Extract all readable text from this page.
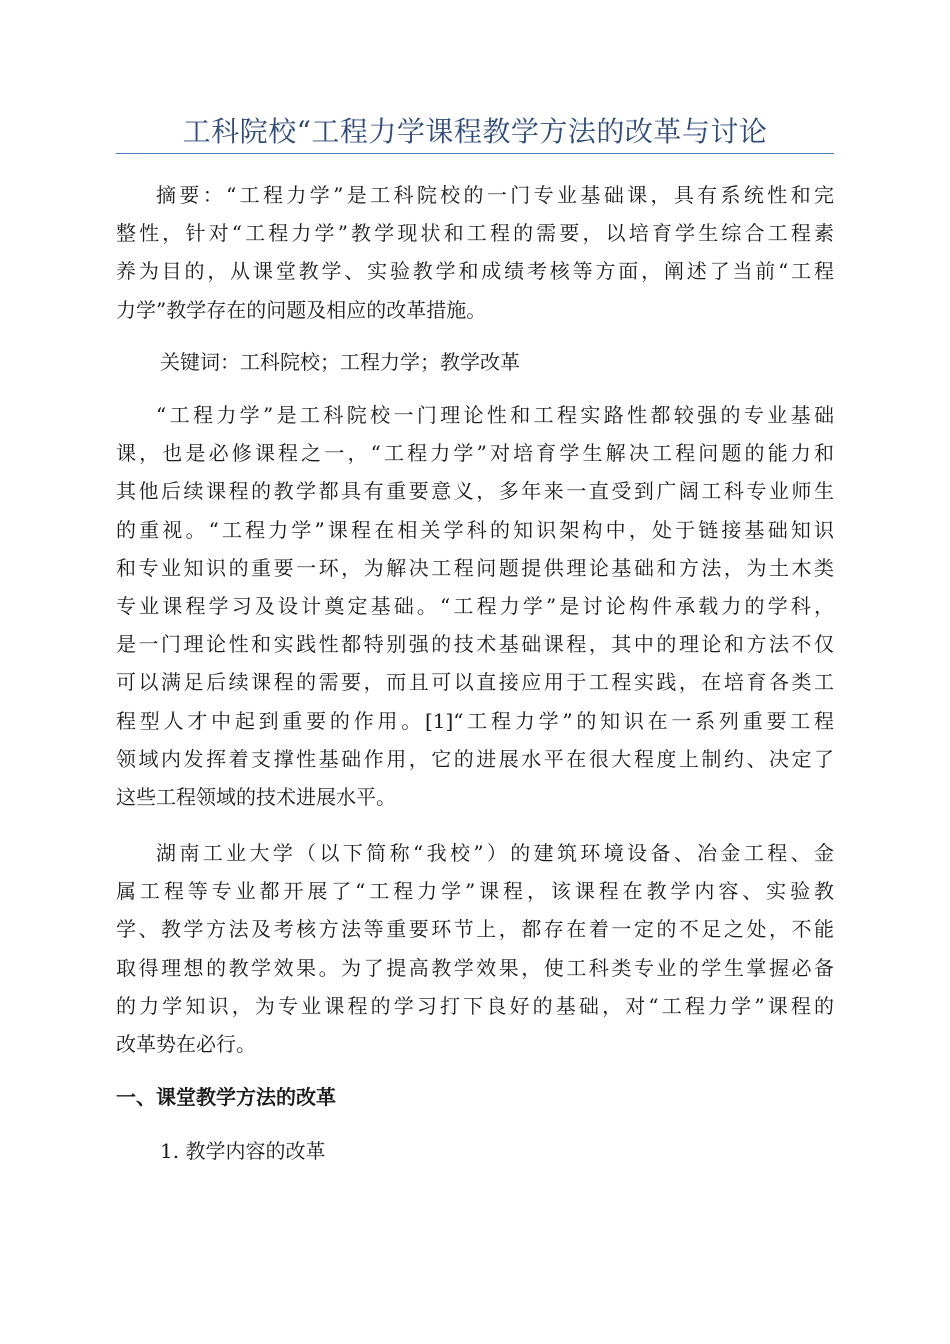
工科院校“工程力学课程教学方法的改革与讨论
摘要：“工程力学”是工科院校的一门专业基础课，具有系统性和完
整性，针对“工程力学”教学现状和工程的需要，以培育学生综合工程素
养为目的，从课堂教学、实验教学和成绩考核等方面，阐述了当前“工程
力学”教学存在的问题及相应的改革措施。
关键词：工科院校；工程力学；教学改革
“工程力学”是工科院校一门理论性和工程实路性都较强的专业基础
课，也是必修课程之一，“工程力学”对培育学生解决工程问题的能力和
其他后续课程的教学都具有重要意义，多年来一直受到广阔工科专业师生
的重视。“工程力学”课程在相关学科的知识架构中，处于链接基础知识
和专业知识的重要一环，为解决工程问题提供理论基础和方法，为土木类
专业课程学习及设计奠定基础。“工程力学”是讨论构件承载力的学科，
是一门理论性和实践性都特别强的技术基础课程，其中的理论和方法不仅
可以满足后续课程的需要，而且可以直接应用于工程实践，在培育各类工
程型人才中起到重要的作用。[1]“工程力学”的知识在一系列重要工程
领域内发挥着支撑性基础作用，它的进展水平在很大程度上制约、决定了
这些工程领域的技术进展水平。
湖南工业大学（以下简称“我校”）的建筑环境设备、冶金工程、金
属工程等专业都开展了“工程力学”课程，该课程在教学内容、实验教
学、教学方法及考核方法等重要环节上，都存在着一定的不足之处，不能
取得理想的教学效果。为了提高教学效果，使工科类专业的学生掌握必备
的力学知识，为专业课程的学习打下良好的基础，对“工程力学”课程的
改革势在必行。
一、课堂教学方法的改革
1. 教学内容的改革
